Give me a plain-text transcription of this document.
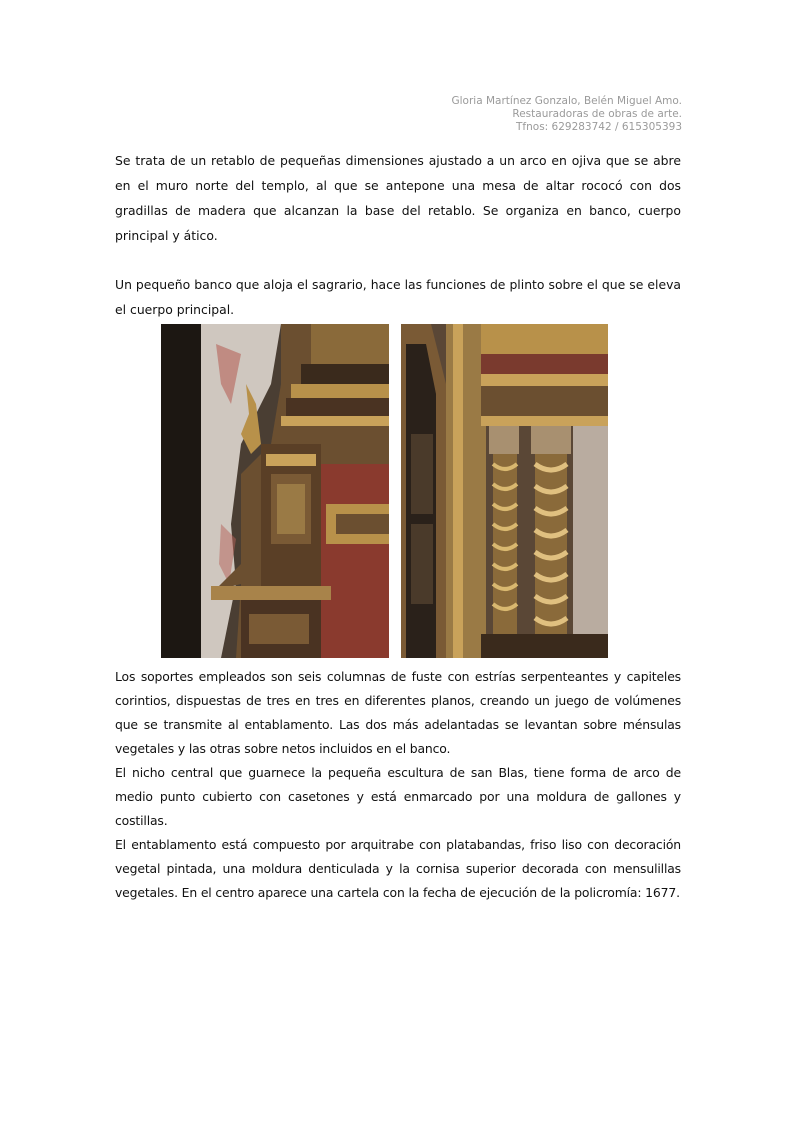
Gloria Martínez Gonzalo, Belén Miguel Amo.
Restauradoras de obras de arte.
Tfnos: 629283742 / 615305393

Se trata de un retablo de pequeñas dimensiones ajustado a un arco en ojiva que se abre en el muro norte del templo, al que se antepone una mesa de altar rococó con dos gradillas de madera que alcanzan la base del retablo. Se organiza en banco, cuerpo principal y ático.

Un pequeño banco que aloja el sagrario, hace las funciones de plinto sobre el que se eleva el cuerpo principal.

Los soportes empleados son seis columnas de fuste con estrías serpenteantes y capiteles corintios, dispuestas de tres en tres en diferentes planos, creando un juego de volúmenes que se transmite al entablamento. Las dos más adelantadas se levantan sobre ménsulas vegetales y las otras sobre netos incluidos en el banco.

El nicho central que guarnece la pequeña escultura de san Blas, tiene forma de arco de medio punto cubierto con casetones y está enmarcado por una moldura de gallones y costillas.

El entablamento está compuesto por arquitrabe con platabandas, friso liso con decoración vegetal pintada, una moldura denticulada y la cornisa superior decorada con mensulillas vegetales. En el centro aparece una cartela con la fecha de ejecución de la policromía: 1677.
